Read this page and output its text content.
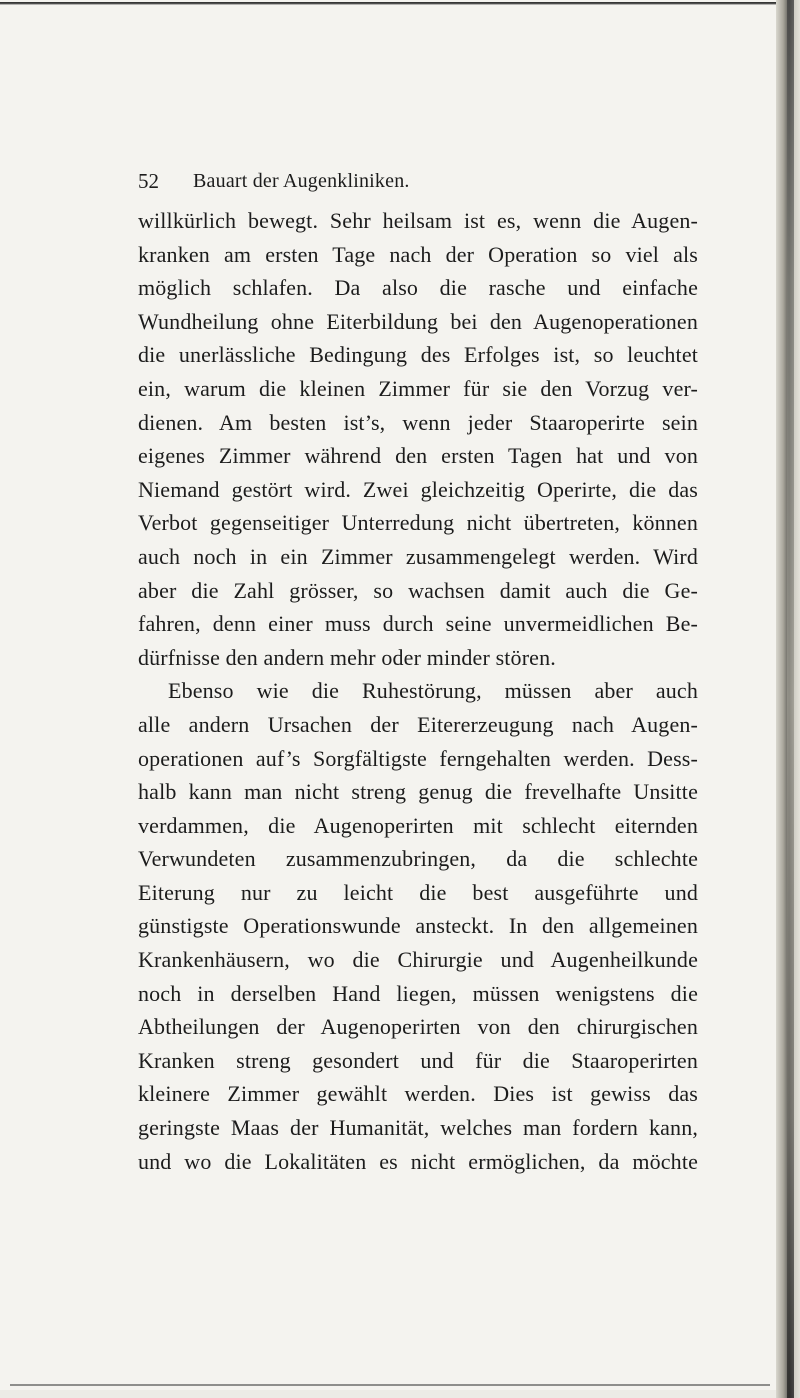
52 Bauart der Augenkliniken.
willkürlich bewegt. Sehr heilsam ist es, wenn die Augen-
kranken am ersten Tage nach der Operation so viel als
möglich schlafen. Da also die rasche und einfache
Wundheilung ohne Eiterbildung bei den Augenoperationen
die unerlässliche Bedingung des Erfolges ist, so leuchtet
ein, warum die kleinen Zimmer für sie den Vorzug ver-
dienen. Am besten ist’s, wenn jeder Staaroperirte sein
eigenes Zimmer während den ersten Tagen hat und von
Niemand gestört wird. Zwei gleichzeitig Operirte, die das
Verbot gegenseitiger Unterredung nicht übertreten, können
auch noch in ein Zimmer zusammengelegt werden. Wird
aber die Zahl grösser, so wachsen damit auch die Ge-
fahren, denn einer muss durch seine unvermeidlichen Be-
dürfnisse den andern mehr oder minder stören.
Ebenso wie die Ruhestörung, müssen aber auch
alle andern Ursachen der Eitererzeugung nach Augen-
operationen auf’s Sorgfältigste ferngehalten werden. Dess-
halb kann man nicht streng genug die frevelhafte Unsitte
verdammen, die Augenoperirten mit schlecht eiternden
Verwundeten zusammenzubringen, da die schlechte
Eiterung nur zu leicht die best ausgeführte und
günstigste Operationswunde ansteckt. In den allgemeinen
Krankenhäusern, wo die Chirurgie und Augenheilkunde
noch in derselben Hand liegen, müssen wenigstens die
Abtheilungen der Augenoperirten von den chirurgischen
Kranken streng gesondert und für die Staaroperirten
kleinere Zimmer gewählt werden. Dies ist gewiss das
geringste Maas der Humanität, welches man fordern kann,
und wo die Lokalitäten es nicht ermöglichen, da möchte
